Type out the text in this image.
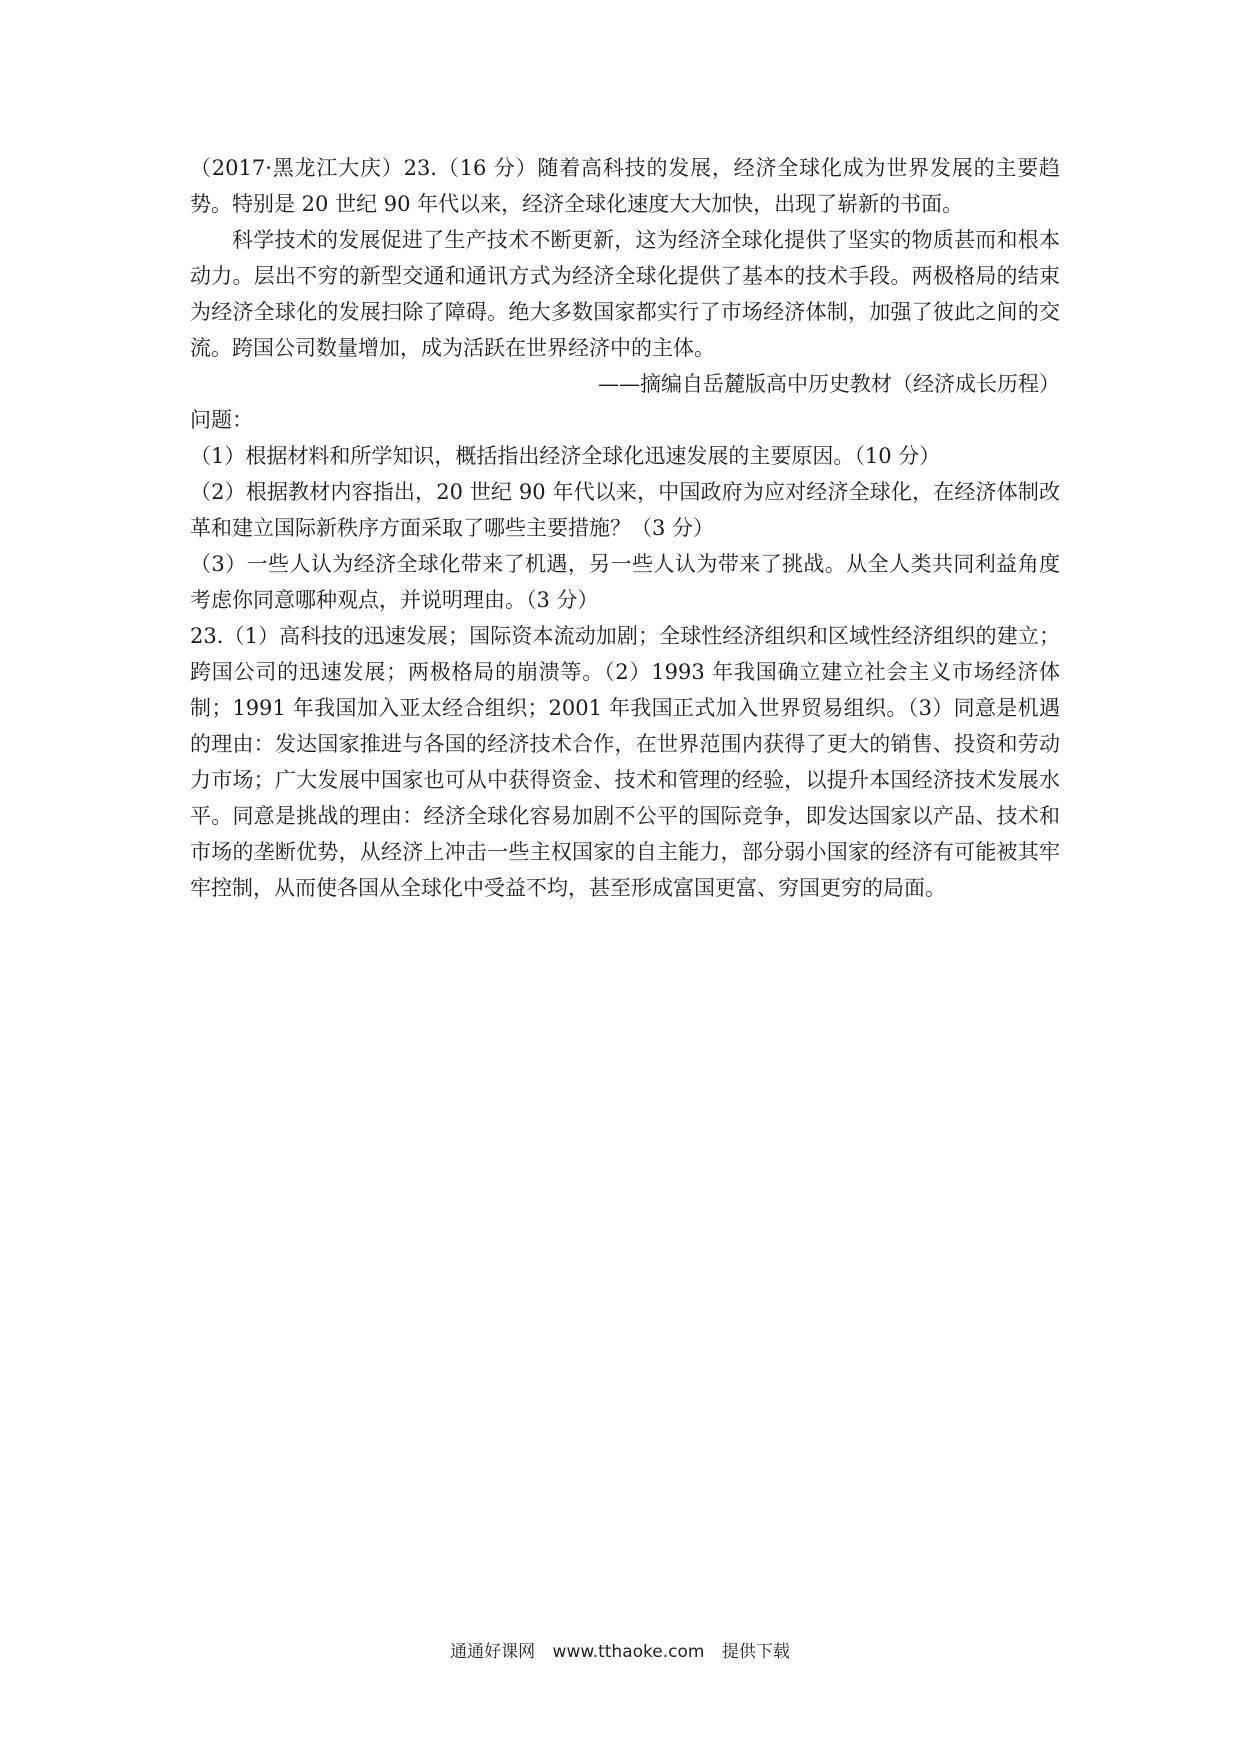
（2017·黑龙江大庆）23.（16 分）随着高科技的发展，经济全球化成为世界发展的主要趋势。特别是 20 世纪 90 年代以来，经济全球化速度大大加快，出现了崭新的书面。

科学技术的发展促进了生产技术不断更新，这为经济全球化提供了坚实的物质甚而和根本动力。层出不穷的新型交通和通讯方式为经济全球化提供了基本的技术手段。两极格局的结束为经济全球化的发展扫除了障碍。绝大多数国家都实行了市场经济体制，加强了彼此之间的交流。跨国公司数量增加，成为活跃在世界经济中的主体。

——摘编自岳麓版高中历史教材（经济成长历程）

问题：

（1）根据材料和所学知识，概括指出经济全球化迅速发展的主要原因。（10 分）

（2）根据教材内容指出，20 世纪 90 年代以来，中国政府为应对经济全球化，在经济体制改革和建立国际新秩序方面采取了哪些主要措施？（3 分）

（3）一些人认为经济全球化带来了机遇，另一些人认为带来了挑战。从全人类共同利益角度考虑你同意哪种观点，并说明理由。（3 分）

23.（1）高科技的迅速发展；国际资本流动加剧；全球性经济组织和区域性经济组织的建立；跨国公司的迅速发展；两极格局的崩溃等。（2）1993 年我国确立建立社会主义市场经济体制；1991 年我国加入亚太经合组织；2001 年我国正式加入世界贸易组织。（3）同意是机遇的理由：发达国家推进与各国的经济技术合作，在世界范围内获得了更大的销售、投资和劳动力市场；广大发展中国家也可从中获得资金、技术和管理的经验，以提升本国经济技术发展水平。同意是挑战的理由：经济全球化容易加剧不公平的国际竞争，即发达国家以产品、技术和市场的垄断优势，从经济上冲击一些主权国家的自主能力，部分弱小国家的经济有可能被其牢牢控制，从而使各国从全球化中受益不均，甚至形成富国更富、穷国更穷的局面。

通通好课网 www.tthaoke.com 提供下载
